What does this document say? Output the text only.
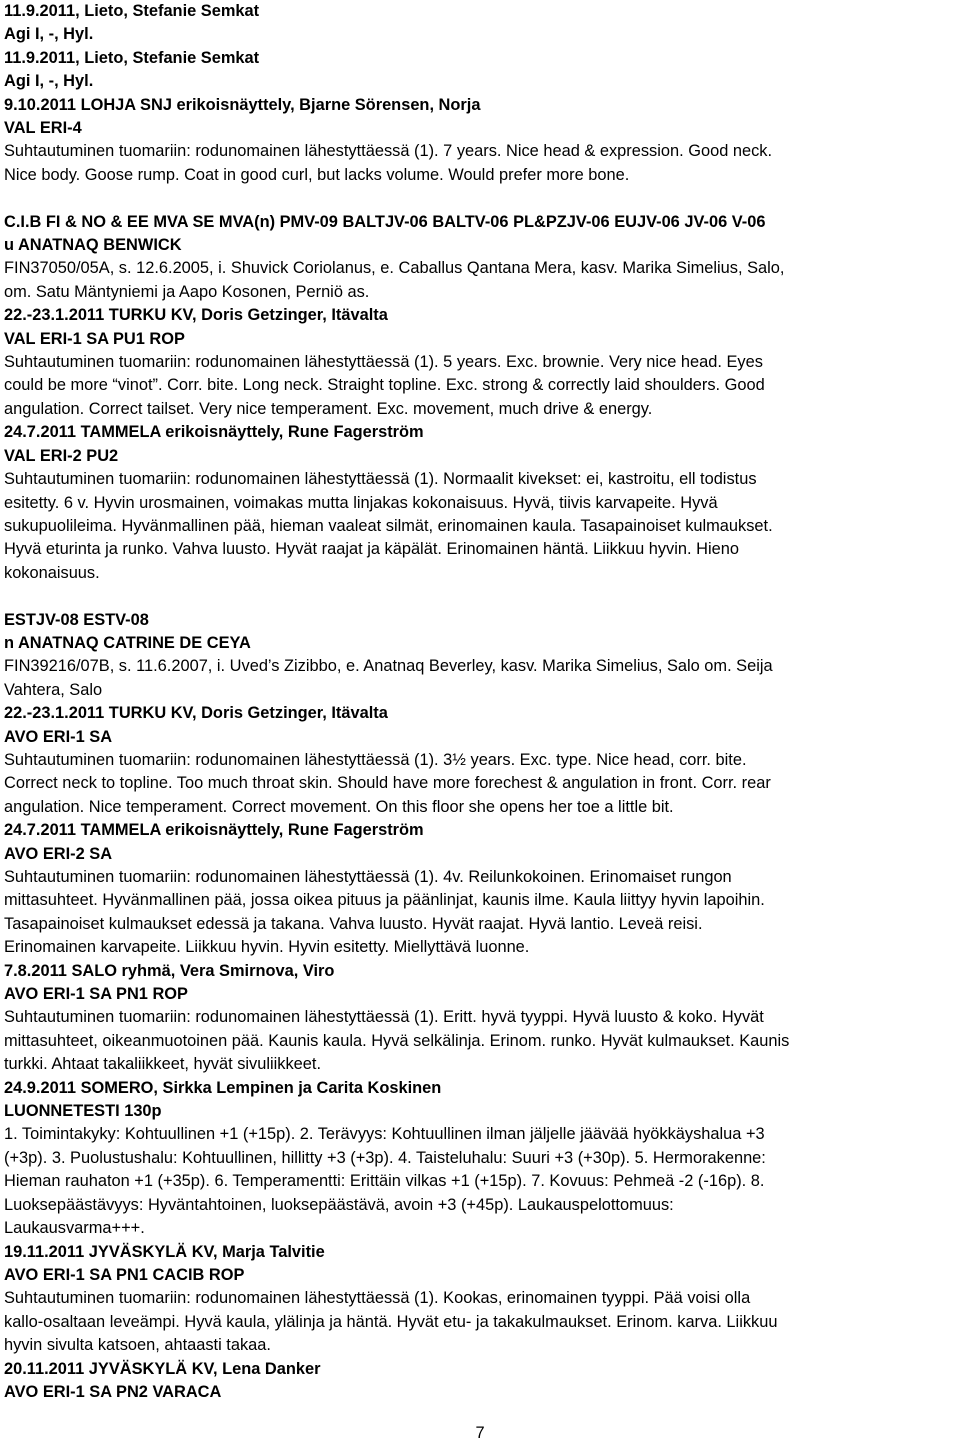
11.9.2011, Lieto, Stefanie Semkat
Agi I, -, Hyl.
11.9.2011, Lieto, Stefanie Semkat
Agi I, -, Hyl.
9.10.2011 LOHJA SNJ erikoisnäyttely, Bjarne Sörensen, Norja
VAL ERI-4
Suhtautuminen tuomariin: rodunomainen lähestyttäessä (1). 7 years. Nice head & expression. Good neck.
Nice body. Goose rump. Coat in good curl, but lacks volume. Would prefer more bone.
C.I.B FI & NO & EE MVA SE MVA(n) PMV-09 BALTJV-06 BALTV-06 PL&PZJV-06 EUJV-06 JV-06 V-06
u ANATNAQ BENWICK
FIN37050/05A, s. 12.6.2005, i. Shuvick Coriolanus, e. Caballus Qantana Mera, kasv. Marika Simelius, Salo,
om. Satu Mäntyniemi ja Aapo Kosonen, Perniö as.
22.-23.1.2011 TURKU KV, Doris Getzinger, Itävalta
VAL ERI-1 SA PU1 ROP
Suhtautuminen tuomariin: rodunomainen lähestyttäessä (1). 5 years. Exc. brownie. Very nice head. Eyes
could be more “vinot”. Corr. bite. Long neck. Straight topline. Exc. strong & correctly laid shoulders. Good
angulation. Correct tailset. Very nice temperament. Exc. movement, much drive & energy.
24.7.2011 TAMMELA erikoisnäyttely, Rune Fagerström
VAL ERI-2 PU2
Suhtautuminen tuomariin: rodunomainen lähestyttäessä (1). Normaalit kivekset: ei, kastroitu, ell todistus
esitetty. 6 v. Hyvin urosmainen, voimakas mutta linjakas kokonaisuus. Hyvä, tiivis karvapeite. Hyvä
sukupuolileima. Hyvänmallinen pää, hieman vaaleat silmät, erinomainen kaula. Tasapainoiset kulmaukset.
Hyvä eturinta ja runko. Vahva luusto. Hyvät raajat ja käpälät. Erinomainen häntä. Liikkuu hyvin. Hieno
kokonaisuus.
ESTJV-08 ESTV-08
n ANATNAQ CATRINE DE CEYA
FIN39216/07B, s. 11.6.2007, i. Uved’s Zizibbo, e. Anatnaq Beverley, kasv. Marika Simelius, Salo om. Seija
Vahtera, Salo
22.-23.1.2011 TURKU KV, Doris Getzinger, Itävalta
AVO ERI-1 SA
Suhtautuminen tuomariin: rodunomainen lähestyttäessä (1). 3½ years. Exc. type. Nice head, corr. bite.
Correct neck to topline. Too much throat skin. Should have more forechest & angulation in front. Corr. rear
angulation. Nice temperament. Correct movement. On this floor she opens her toe a little bit.
24.7.2011 TAMMELA erikoisnäyttely, Rune Fagerström
AVO ERI-2 SA
Suhtautuminen tuomariin: rodunomainen lähestyttäessä (1). 4v. Reilunkokoinen. Erinomaiset rungon
mittasuhteet. Hyvänmallinen pää, jossa oikea pituus ja päänlinjat, kaunis ilme. Kaula liittyy hyvin lapoihin.
Tasapainoiset kulmaukset edessä ja takana. Vahva luusto. Hyvät raajat. Hyvä lantio. Leveä reisi.
Erinomainen karvapeite. Liikkuu hyvin. Hyvin esitetty. Miellyttävä luonne.
7.8.2011 SALO ryhmä, Vera Smirnova, Viro
AVO ERI-1 SA PN1 ROP
Suhtautuminen tuomariin: rodunomainen lähestyttäessä (1). Eritt. hyvä tyyppi. Hyvä luusto & koko. Hyvät
mittasuhteet, oikeanmuotoinen pää. Kaunis kaula. Hyvä selkälinja. Erinom. runko. Hyvät kulmaukset. Kaunis
turkki. Ahtaat takaliikkeet, hyvät sivuliikkeet.
24.9.2011 SOMERO, Sirkka Lempinen ja Carita Koskinen
LUONNETESTI 130p
1. Toimintakyky: Kohtuullinen +1 (+15p). 2. Terävyys: Kohtuullinen ilman jäljelle jäävää hyökkäyshalua +3
(+3p). 3. Puolustushalu: Kohtuullinen, hillitty +3 (+3p). 4. Taisteluhalu: Suuri +3 (+30p). 5. Hermorakenne:
Hieman rauhaton +1 (+35p). 6. Temperamentti: Erittäin vilkas +1 (+15p). 7. Kovuus: Pehmeä -2 (-16p). 8.
Luoksepäästävyys: Hyväntahtoinen, luoksepäästävä, avoin +3 (+45p). Laukauspelottomuus:
Laukausvarma+++.
19.11.2011 JYVÄSKYLÄ KV, Marja Talvitie
AVO ERI-1 SA PN1 CACIB ROP
Suhtautuminen tuomariin: rodunomainen lähestyttäessä (1). Kookas, erinomainen tyyppi. Pää voisi olla
kallo-osaltaan leveämpi. Hyvä kaula, ylälinja ja häntä. Hyvät etu- ja takakulmaukset. Erinom. karva. Liikkuu
hyvin sivulta katsoen, ahtaasti takaa.
20.11.2011 JYVÄSKYLÄ KV, Lena Danker
AVO ERI-1 SA PN2 VARACA
7
